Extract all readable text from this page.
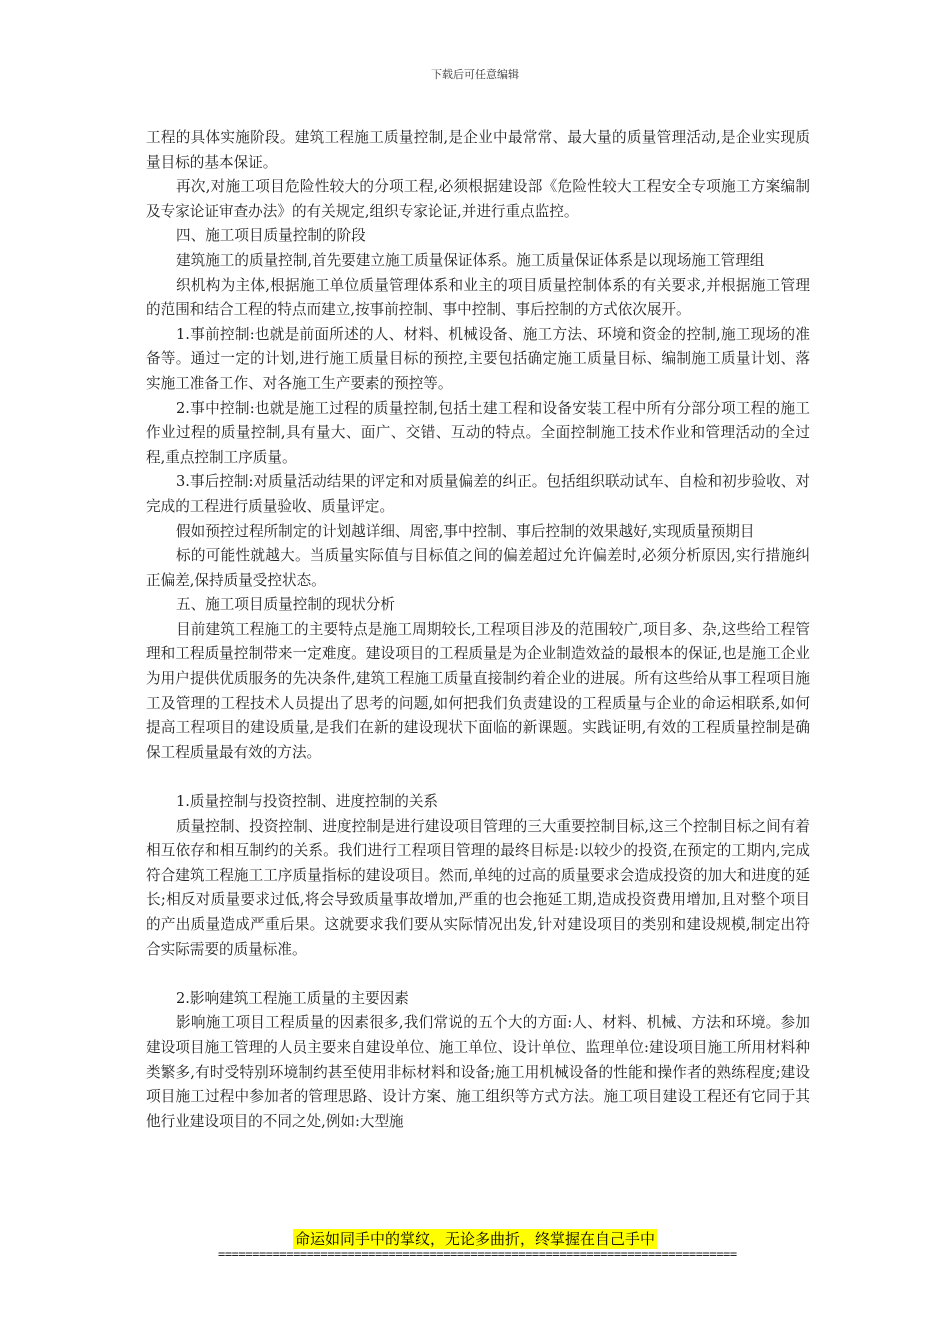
下载后可任意编辑

工程的具体实施阶段。建筑工程施工质量控制,是企业中最常常、最大量的质量管理活动,是企业实现质量目标的基本保证。

再次,对施工项目危险性较大的分项工程,必须根据建设部《危险性较大工程安全专项施工方案编制及专家论证审查办法》的有关规定,组织专家论证,并进行重点监控。

四、施工项目质量控制的阶段

建筑施工的质量控制,首先要建立施工质量保证体系。施工质量保证体系是以现场施工管理组

织机构为主体,根据施工单位质量管理体系和业主的项目质量控制体系的有关要求,并根据施工管理的范围和结合工程的特点而建立,按事前控制、事中控制、事后控制的方式依次展开。

1.事前控制:也就是前面所述的人、材料、机械设备、施工方法、环境和资金的控制,施工现场的准备等。通过一定的计划,进行施工质量目标的预控,主要包括确定施工质量目标、编制施工质量计划、落实施工准备工作、对各施工生产要素的预控等。

2.事中控制:也就是施工过程的质量控制,包括土建工程和设备安装工程中所有分部分项工程的施工作业过程的质量控制,具有量大、面广、交错、互动的特点。全面控制施工技术作业和管理活动的全过程,重点控制工序质量。

3.事后控制:对质量活动结果的评定和对质量偏差的纠正。包括组织联动试车、自检和初步验收、对完成的工程进行质量验收、质量评定。

假如预控过程所制定的计划越详细、周密,事中控制、事后控制的效果越好,实现质量预期目

标的可能性就越大。当质量实际值与目标值之间的偏差超过允许偏差时,必须分析原因,实行措施纠正偏差,保持质量受控状态。

五、施工项目质量控制的现状分析

目前建筑工程施工的主要特点是施工周期较长,工程项目涉及的范围较广,项目多、杂,这些给工程管理和工程质量控制带来一定难度。建设项目的工程质量是为企业制造效益的最根本的保证,也是施工企业为用户提供优质服务的先决条件,建筑工程施工质量直接制约着企业的进展。所有这些给从事工程项目施工及管理的工程技术人员提出了思考的问题,如何把我们负责建设的工程质量与企业的命运相联系,如何提高工程项目的建设质量,是我们在新的建设现状下面临的新课题。实践证明,有效的工程质量控制是确保工程质量最有效的方法。

1.质量控制与投资控制、进度控制的关系

质量控制、投资控制、进度控制是进行建设项目管理的三大重要控制目标,这三个控制目标之间有着相互依存和相互制约的关系。我们进行工程项目管理的最终目标是:以较少的投资,在预定的工期内,完成符合建筑工程施工工序质量指标的建设项目。然而,单纯的过高的质量要求会造成投资的加大和进度的延长;相反对质量要求过低,将会导致质量事故增加,严重的也会拖延工期,造成投资费用增加,且对整个项目的产出质量造成严重后果。这就要求我们要从实际情况出发,针对建设项目的类别和建设规模,制定出符合实际需要的质量标准。

2.影响建筑工程施工质量的主要因素

影响施工项目工程质量的因素很多,我们常说的五个大的方面:人、材料、机械、方法和环境。参加建设项目施工管理的人员主要来自建设单位、施工单位、设计单位、监理单位:建设项目施工所用材料种类繁多,有时受特别环境制约甚至使用非标材料和设备;施工用机械设备的性能和操作者的熟练程度;建设项目施工过程中参加者的管理思路、设计方案、施工组织等方式方法。施工项目建设工程还有它同于其他行业建设项目的不同之处,例如:大型施

命运如同手中的掌纹，无论多曲折，终掌握在自己手中
============================================================================
